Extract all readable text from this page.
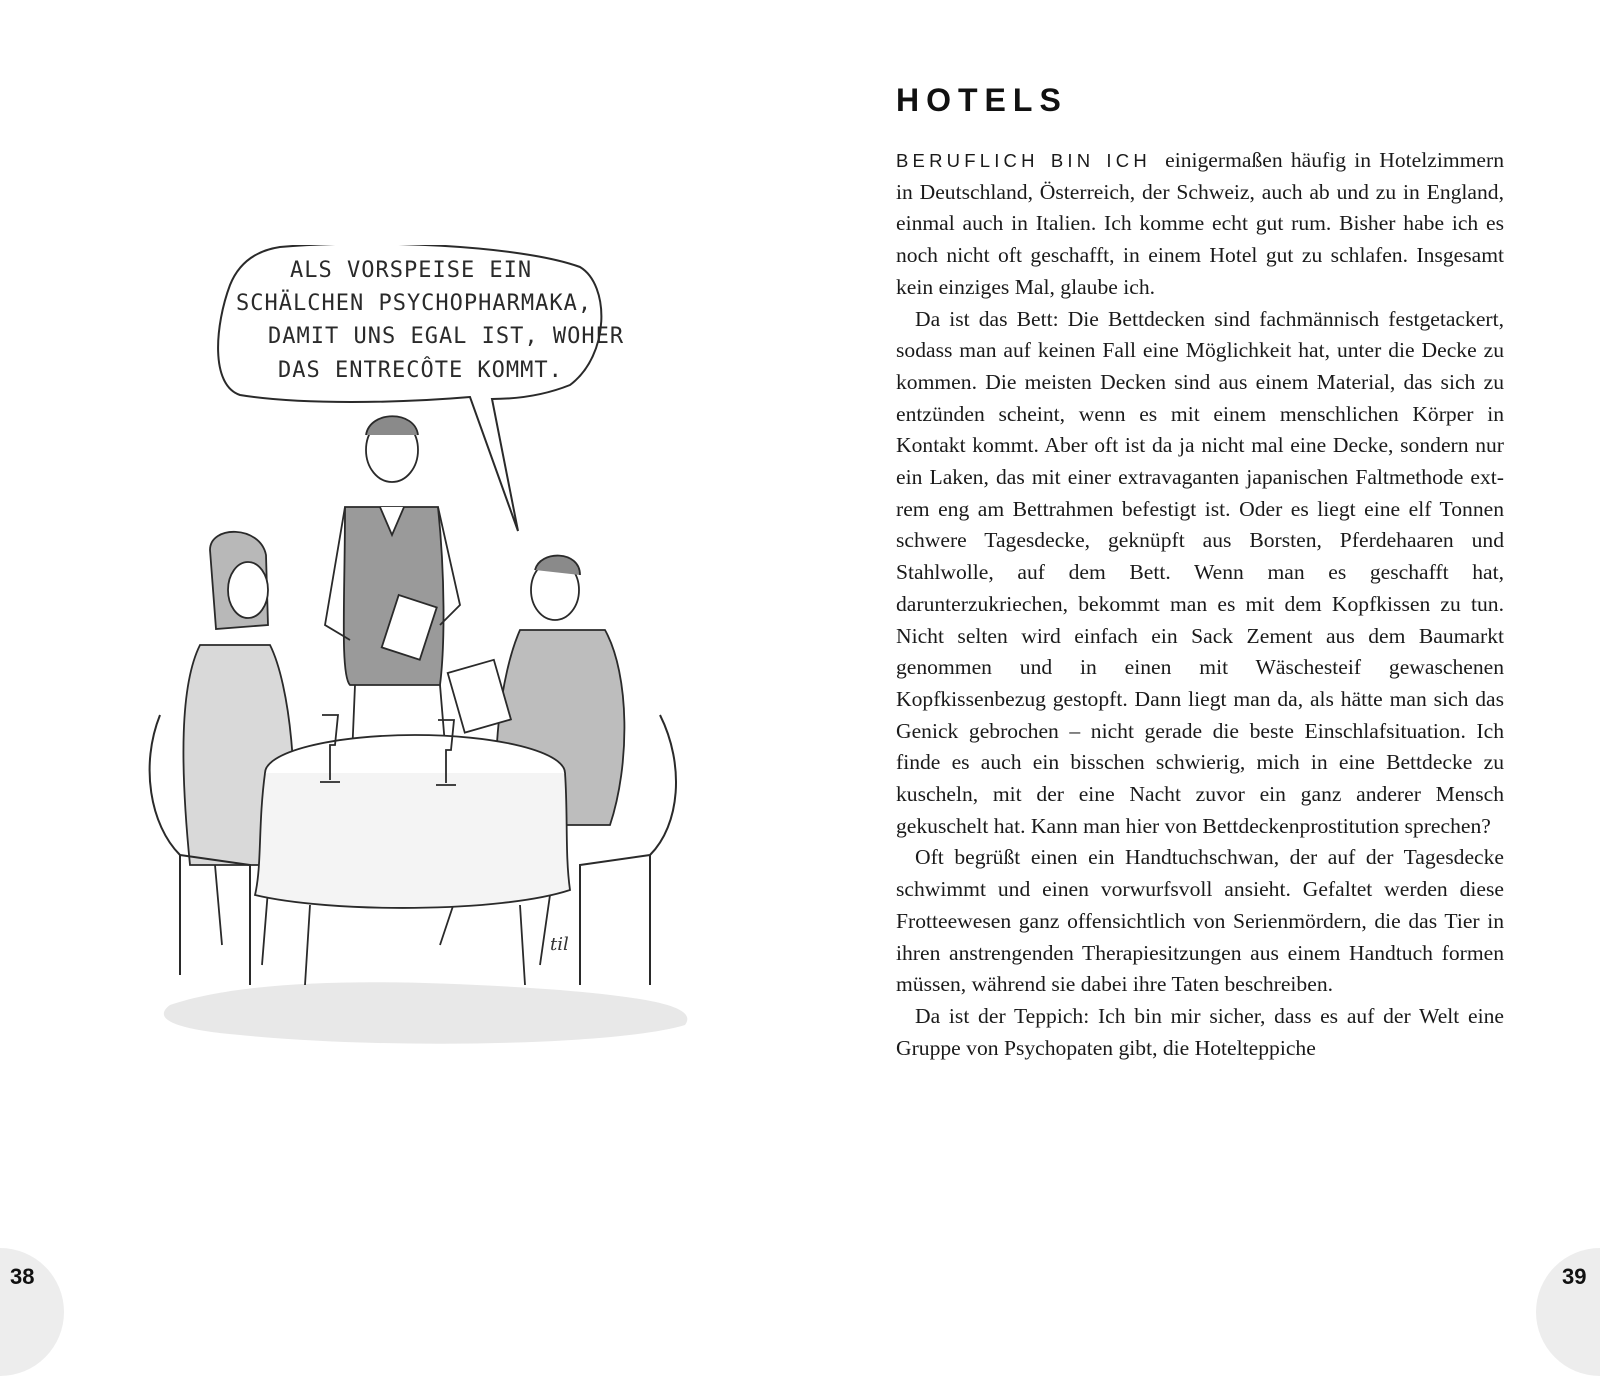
ALS VORSPEISE EIN
SCHÄLCHEN PSYCHOPHARMAKA,
DAMIT UNS EGAL IST, WOHER
DAS ENTRECÔTE KOMMT.
til
38
HOTELS

BERUFLICH BIN ICH einigermaßen häufig in Hotelzimmern in Deutschland, Österreich, der Schweiz, auch ab und zu in England, einmal auch in Italien. Ich komme echt gut rum. Bisher habe ich es noch nicht oft geschafft, in einem Hotel gut zu schlafen. Insgesamt kein einziges Mal, glaube ich.

Da ist das Bett: Die Bettdecken sind fachmännisch festgetackert, sodass man auf keinen Fall eine Möglichkeit hat, unter die Decke zu kommen. Die meisten Decken sind aus einem Material, das sich zu entzünden scheint, wenn es mit einem menschlichen Körper in Kontakt kommt. Aber oft ist da ja nicht mal eine Decke, sondern nur ein Laken, das mit einer extravaganten japanischen Faltmethode extrem eng am Bettrahmen befestigt ist. Oder es liegt eine elf Tonnen schwere Tagesdecke, geknüpft aus Borsten, Pferdehaaren und Stahlwolle, auf dem Bett. Wenn man es geschafft hat, darunterzukriechen, bekommt man es mit dem Kopfkissen zu tun. Nicht selten wird einfach ein Sack Zement aus dem Baumarkt genommen und in einen mit Wäschesteif gewaschenen Kopfkissenbezug gestopft. Dann liegt man da, als hätte man sich das Genick gebrochen – nicht gerade die beste Einschlafsituation. Ich finde es auch ein bisschen schwierig, mich in eine Bettdecke zu kuscheln, mit der eine Nacht zuvor ein ganz anderer Mensch gekuschelt hat. Kann man hier von Bettdeckenprostitution sprechen?

Oft begrüßt einen ein Handtuchschwan, der auf der Tagesdecke schwimmt und einen vorwurfsvoll ansieht. Gefaltet werden diese Frotteewesen ganz offensichtlich von Serienmördern, die das Tier in ihren anstrengenden Therapiesitzungen aus einem Handtuch formen müssen, während sie dabei ihre Taten beschreiben.

Da ist der Teppich: Ich bin mir sicher, dass es auf der Welt eine Gruppe von Psychopaten gibt, die Hotelteppiche

39
